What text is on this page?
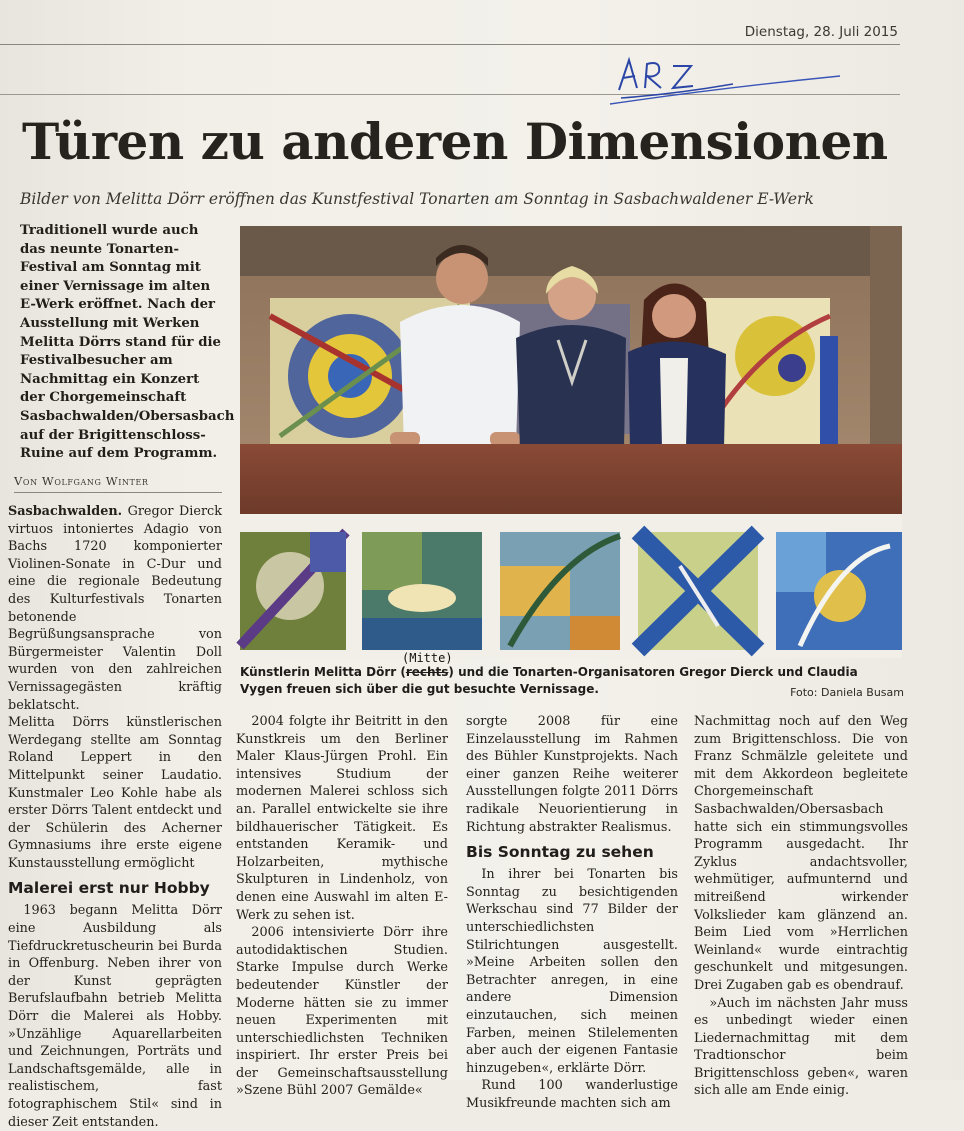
Dienstag, 28. Juli 2015
Türen zu anderen Dimensionen
Bilder von Melitta Dörr eröffnen das Kunstfestival Tonarten am Sonntag in Sasbachwaldener E-Werk
Traditionell wurde auch das neunte Tonarten-Festival am Sonntag mit einer Vernissage im alten E-Werk eröffnet. Nach der Ausstellung mit Werken Melitta Dörrs stand für die Festivalbesucher am Nachmittag ein Konzert der Chorgemeinschaft Sasbachwalden/Obersasbach auf der Brigittenschloss-Ruine auf dem Programm.
Von Wolfgang Winter

Sasbachwalden. Gregor Dierck virtuos intoniertes Adagio von Bachs 1720 komponierter Violinen-Sonate in C-Dur und eine die regionale Bedeutung des Kulturfestivals Tonarten betonende Begrüßungsansprache von Bürgermeister Valentin Doll wurden von den zahlreichen Vernissagegästen kräftig beklatscht.

Melitta Dörrs künstlerischen Werdegang stellte am Sonntag Roland Leppert in den Mittelpunkt seiner Laudatio. Kunstmaler Leo Kohle habe als erster Dörrs Talent entdeckt und der Schülerin des Acherner Gymnasiums ihre erste eigene Kunstausstellung ermöglicht

Malerei erst nur Hobby

1963 begann Melitta Dörr eine Ausbildung als Tiefdruckretuscheurin bei Burda in Offenburg. Neben ihrer von der Kunst geprägten Berufslaufbahn betrieb Melitta Dörr die Malerei als Hobby. »Unzählige Aquarellarbeiten und Zeichnungen, Porträts und Landschaftsgemälde, alle in realistischem, fast fotographischem Stil« sind in dieser Zeit entstanden.

(Mitte)
Künstlerin Melitta Dörr (rechts) und die Tonarten-Organisatoren Gregor Dierck und Claudia Vygen freuen sich über die gut besuchte Vernissage.	Foto: Daniela Busam

2004 folgte ihr Beitritt in den Kunstkreis um den Berliner Maler Klaus-Jürgen Prohl. Ein intensives Studium der modernen Malerei schloss sich an. Parallel entwickelte sie ihre bildhauerischer Tätigkeit. Es entstanden Keramik- und Holzarbeiten, mythische Skulpturen in Lindenholz, von denen eine Auswahl im alten E-Werk zu sehen ist.

2006 intensivierte Dörr ihre autodidaktischen Studien. Starke Impulse durch Werke bedeutender Künstler der Moderne hätten sie zu immer neuen Experimenten mit unterschiedlichsten Techniken inspiriert. Ihr erster Preis bei der Gemeinschaftsausstellung »Szene Bühl 2007 Gemälde«

sorgte 2008 für eine Einzelausstellung im Rahmen des Bühler Kunstprojekts. Nach einer ganzen Reihe weiterer Ausstellungen folgte 2011 Dörrs radikale Neuorientierung in Richtung abstrakter Realismus.

Bis Sonntag zu sehen

In ihrer bei Tonarten bis Sonntag zu besichtigenden Werkschau sind 77 Bilder der unterschiedlichsten Stilrichtungen ausgestellt. »Meine Arbeiten sollen den Betrachter anregen, in eine andere Dimension einzutauchen, sich meinen Farben, meinen Stilelementen aber auch der eigenen Fantasie hinzugeben«, erklärte Dörr.

Rund 100 wanderlustige Musikfreunde machten sich am

Nachmittag noch auf den Weg zum Brigittenschloss. Die von Franz Schmälzle geleitete und mit dem Akkordeon begleitete Chorgemeinschaft Sasbachwalden/Obersasbach hatte sich ein stimmungsvolles Programm ausgedacht. Ihr Zyklus andachtsvoller, wehmütiger, aufmunternd und mitreißend wirkender Volkslieder kam glänzend an. Beim Lied vom »Herrlichen Weinland« wurde eintrachtig geschunkelt und mitgesungen. Drei Zugaben gab es obendrauf.

»Auch im nächsten Jahr muss es unbedingt wieder einen Liedernachmittag mit dem Tradtionschor beim Brigittenschloss geben«, waren sich alle am Ende einig.
